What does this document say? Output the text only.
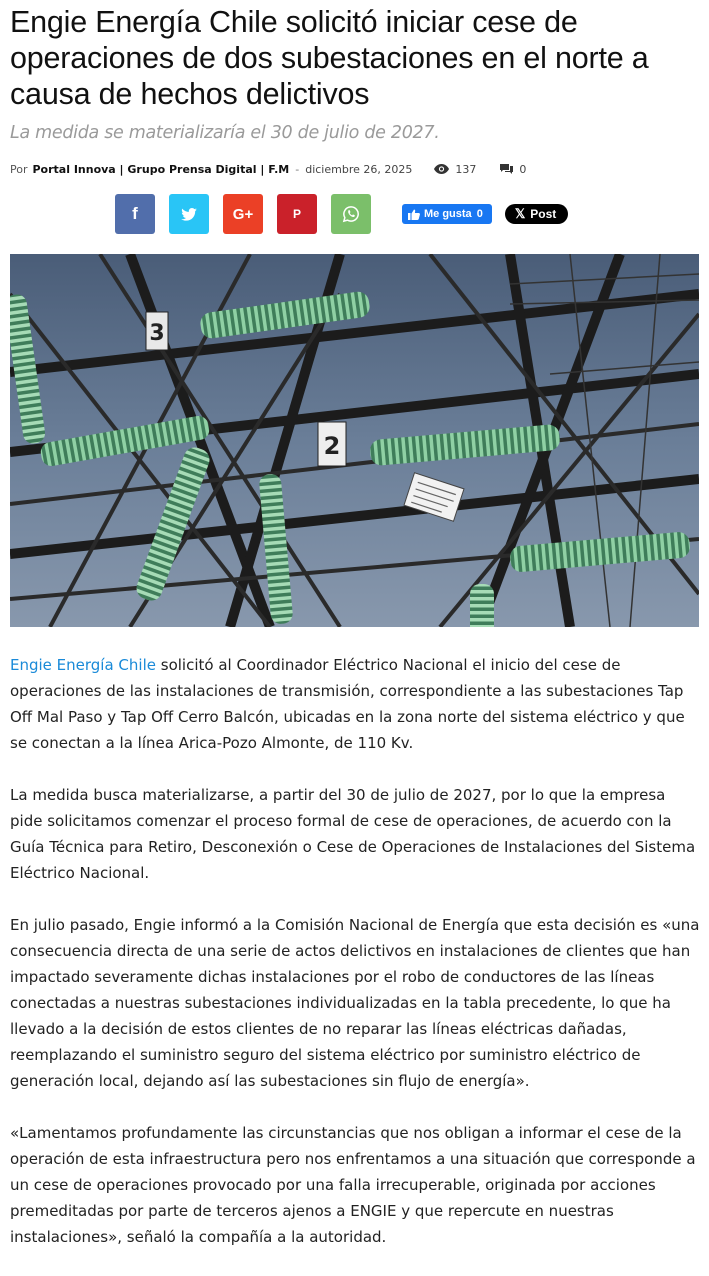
Engie Energía Chile solicitó iniciar cese de operaciones de dos subestaciones en el norte a causa de hechos delictivos
La medida se materializaría el 30 de julio de 2027.
Por Portal Innova | Grupo Prensa Digital | F.M - diciembre 26, 2025	137	0
f	G+	P	Me gusta 0 𝕏 Post
3
2

Engie Energía Chile solicitó al Coordinador Eléctrico Nacional el inicio del cese de operaciones de las instalaciones de transmisión, correspondiente a las subestaciones Tap Off Mal Paso y Tap Off Cerro Balcón, ubicadas en la zona norte del sistema eléctrico y que se conectan a la línea Arica-Pozo Almonte, de 110 Kv.

La medida busca materializarse, a partir del 30 de julio de 2027, por lo que la empresa pide solicitamos comenzar el proceso formal de cese de operaciones, de acuerdo con la Guía Técnica para Retiro, Desconexión o Cese de Operaciones de Instalaciones del Sistema Eléctrico Nacional.

En julio pasado, Engie informó a la Comisión Nacional de Energía que esta decisión es «una consecuencia directa de una serie de actos delictivos en instalaciones de clientes que han impactado severamente dichas instalaciones por el robo de conductores de las líneas conectadas a nuestras subestaciones individualizadas en la tabla precedente, lo que ha llevado a la decisión de estos clientes de no reparar las líneas eléctricas dañadas, reemplazando el suministro seguro del sistema eléctrico por suministro eléctrico de generación local, dejando así las subestaciones sin flujo de energía».

«Lamentamos profundamente las circunstancias que nos obligan a informar el cese de la operación de esta infraestructura pero nos enfrentamos a una situación que corresponde a un cese de operaciones provocado por una falla irrecuperable, originada por acciones premeditadas por parte de terceros ajenos a ENGIE y que repercute en nuestras instalaciones», señaló la compañía a la autoridad.
